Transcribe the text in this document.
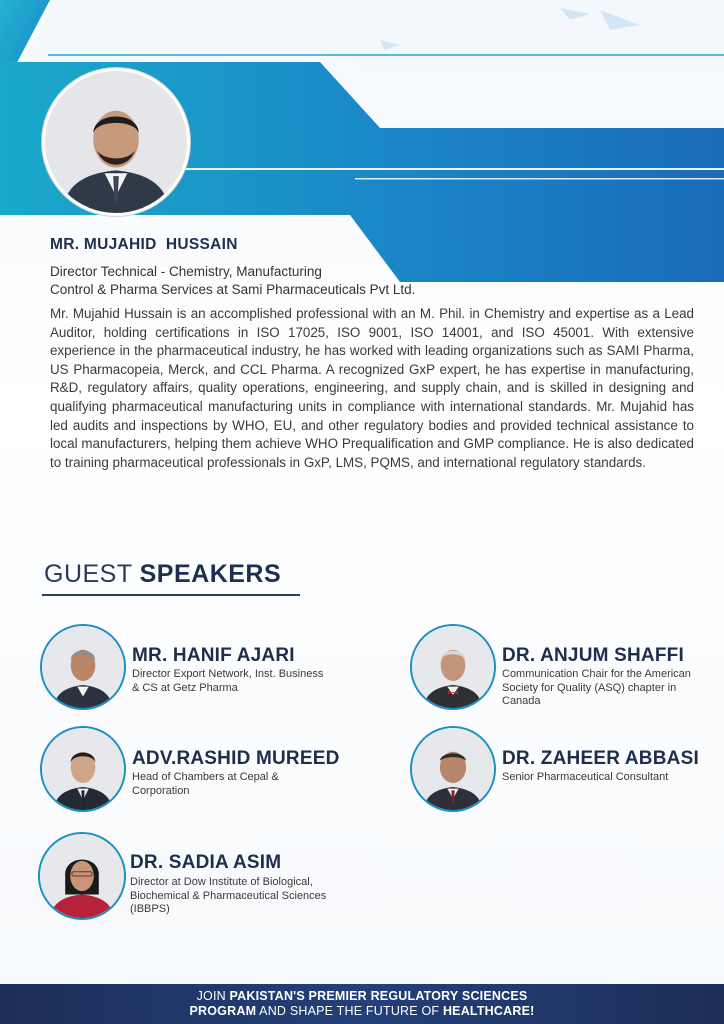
MR. MUJAHID  HUSSAIN
Director Technical - Chemistry, Manufacturing
Control & Pharma Services at Sami Pharmaceuticals Pvt Ltd.
Mr. Mujahid Hussain is an accomplished professional with an M. Phil. in Chemistry and expertise as a Lead Auditor, holding certifications in ISO 17025, ISO 9001, ISO 14001, and ISO 45001. With extensive experience in the pharmaceutical industry, he has worked with leading organizations such as SAMI Pharma, US Pharmacopeia, Merck, and CCL Pharma. A recognized GxP expert, he has expertise in manufacturing, R&D, regulatory affairs, quality operations, engineering, and supply chain, and is skilled in designing and qualifying pharmaceutical manufacturing units in compliance with international standards. Mr. Mujahid has led audits and inspections by WHO, EU, and other regulatory bodies and provided technical assistance to local manufacturers, helping them achieve WHO Prequalification and GMP compliance. He is also dedicated to training pharmaceutical professionals in GxP, LMS, PQMS, and international regulatory standards.
GUEST SPEAKERS
MR. HANIF AJARI
Director Export Network, Inst. Business
& CS at Getz Pharma
DR. ANJUM SHAFFI
Communication Chair for the American
Society for Quality (ASQ) chapter in
Canada
ADV.RASHID MUREED
Head of Chambers at Cepal &
Corporation
DR. ZAHEER ABBASI
Senior Pharmaceutical Consultant
DR. SADIA ASIM
Director at Dow Institute of Biological,
Biochemical & Pharmaceutical Sciences
(IBBPS)
JOIN PAKISTAN'S PREMIER REGULATORY SCIENCES
PROGRAM AND SHAPE THE FUTURE OF HEALTHCARE!
